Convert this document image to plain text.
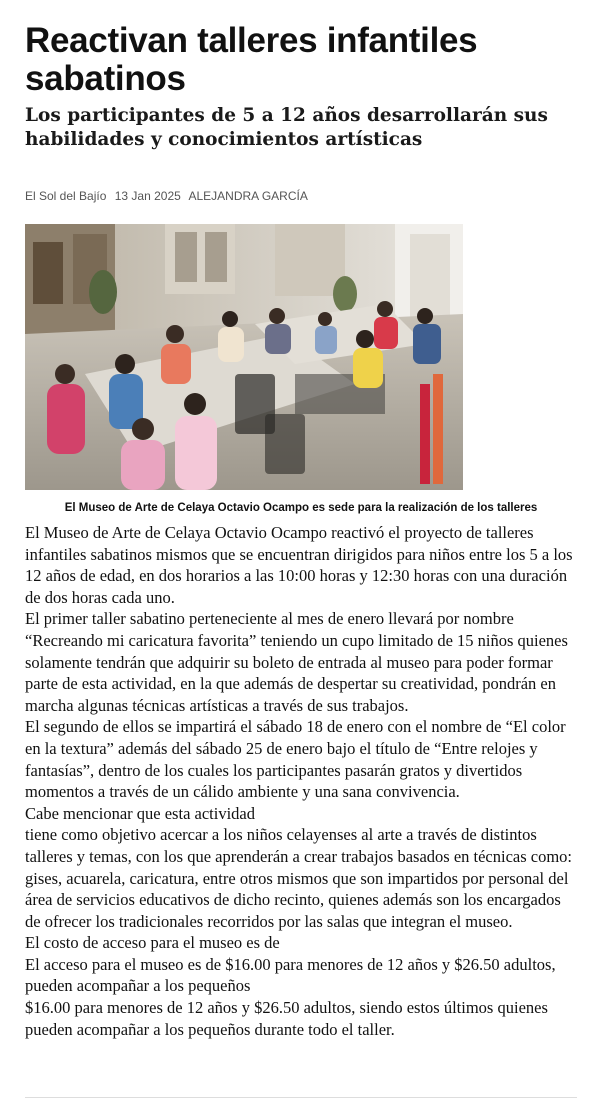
Reactivan talleres infantiles sabatinos
Los participantes de 5 a 12 años desarrollarán sus habilidades y conocimientos artísticas
El Sol del Bajío 13 Jan 2025 ALEJANDRA GARCÍA
El Museo de Arte de Celaya Octavio Ocampo es sede para la realización de los talleres

El Museo de Arte de Celaya Octavio Ocampo reactivó el proyecto de talleres infantiles sabatinos mismos que se encuentran dirigidos para niños entre los 5 a los 12 años de edad, en dos horarios a las 10:00 horas y 12:30 horas con una duración de dos horas cada uno.

El primer taller sabatino perteneciente al mes de enero llevará por nombre “Recreando mi caricatura favorita” teniendo un cupo limitado de 15 niños quienes solamente tendrán que adquirir su boleto de entrada al museo para poder formar parte de esta actividad, en la que además de despertar su creatividad, pondrán en marcha algunas técnicas artísticas a través de sus trabajos.

El segundo de ellos se impartirá el sábado 18 de enero con el nombre de “El color en la textura” además del sábado 25 de enero bajo el título de “Entre relojes y fantasías”, dentro de los cuales los participantes pasarán gratos y divertidos momentos a través de un cálido ambiente y una sana convivencia.

Cabe mencionar que esta actividad

tiene como objetivo acercar a los niños celayenses al arte a través de distintos talleres y temas, con los que aprenderán a crear trabajos basados en técnicas como: gises, acuarela, caricatura, entre otros mismos que son impartidos por personal del área de servicios educativos de dicho recinto, quienes además son los encargados de ofrecer los tradicionales recorridos por las salas que integran el museo.

El costo de acceso para el museo es de

El acceso para el museo es de $16.00 para menores de 12 años y $26.50 adultos, pueden acompañar a los pequeños

$16.00 para menores de 12 años y $26.50 adultos, siendo estos últimos quienes pueden acompañar a los pequeños durante todo el taller.
